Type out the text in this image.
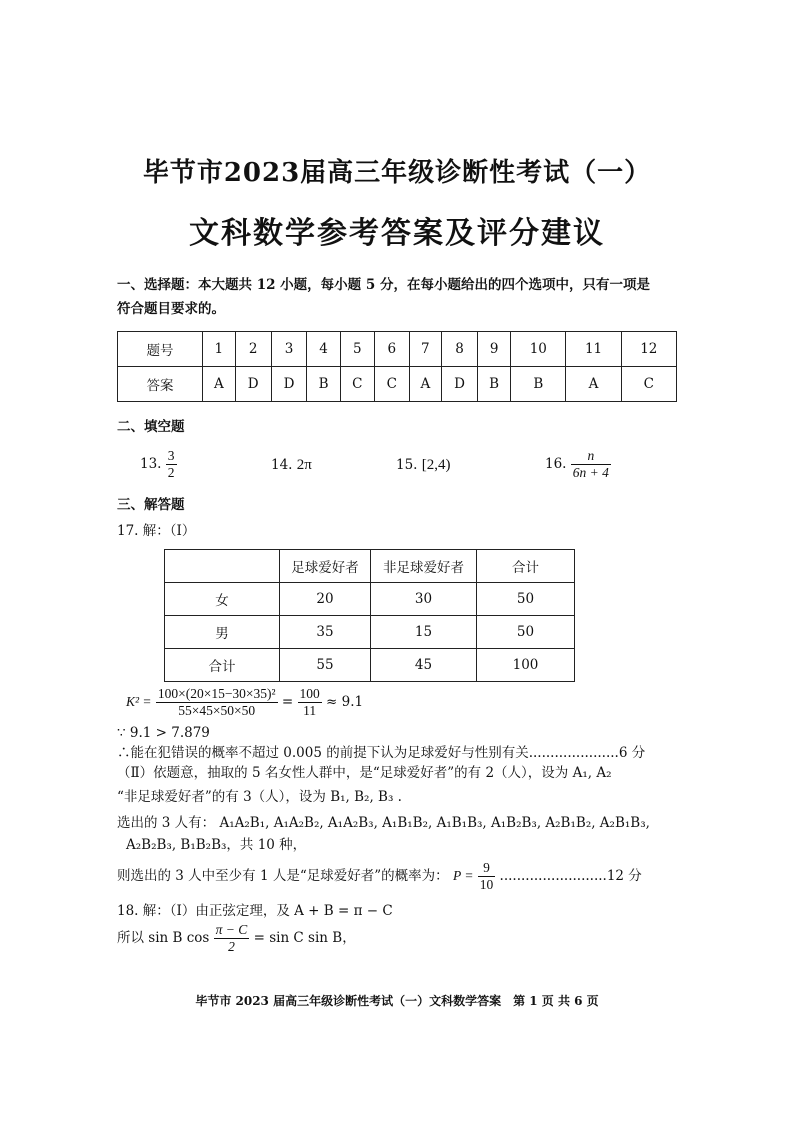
毕节市2023届高三年级诊断性考试（一）
文科数学参考答案及评分建议
一、选择题：本大题共 12 小题，每小题 5 分，在每小题给出的四个选项中，只有一项是
符合题目要求的。
题号	1	2	3	4	5	6	7	8	9	10	11	12
答案	A	D	D	B	C	C	A	D	B	B	A	C
二、填空题
13. $\frac{3}{2}$	14. 2π	15. [2,4)	16. $\frac{n}{6n + 4}$
三、解答题
17. 解：（Ⅰ）
	足球爱好者	非足球爱好者	合计
女	20	30	50
男	35	15	50
合计	55	45	100
$K^2 = \frac{\text{100×(20×15−30×35)²}}{55\times 45\times 50\times 50} = \frac{100}{11} \approx 9.1$
∵ 9.1 > 7.879
∴能在犯错误的概率不超过 0.005 的前提下认为足球爱好与性别有关.....................6 分
（Ⅱ）依题意，抽取的 5 名女性人群中，是“足球爱好者”的有 2（人），设为 A₁, A₂
“非足球爱好者”的有 3（人），设为 B₁, B₂, B₃ .
选出的 3 人有： A₁A₂B₁, A₁A₂B₂, A₁A₂B₃, A₁B₁B₂, A₁B₁B₃, A₁B₂B₃, A₂B₁B₂, A₂B₁B₃,
A₂B₂B₃, B₁B₂B₃，共 10 种，
则选出的 3 人中至少有 1 人是“足球爱好者”的概率为： $P = \frac{9}{10} .........................12$ 分
18. 解：（Ⅰ）由正弦定理，及 A + B = π − C
所以 sin B $\cos \frac{\pi - C}{2} = \sin C$ sin B，
毕节市 2023 届高三年级诊断性考试（一）文科数学答案　第 1 页 共 6 页
